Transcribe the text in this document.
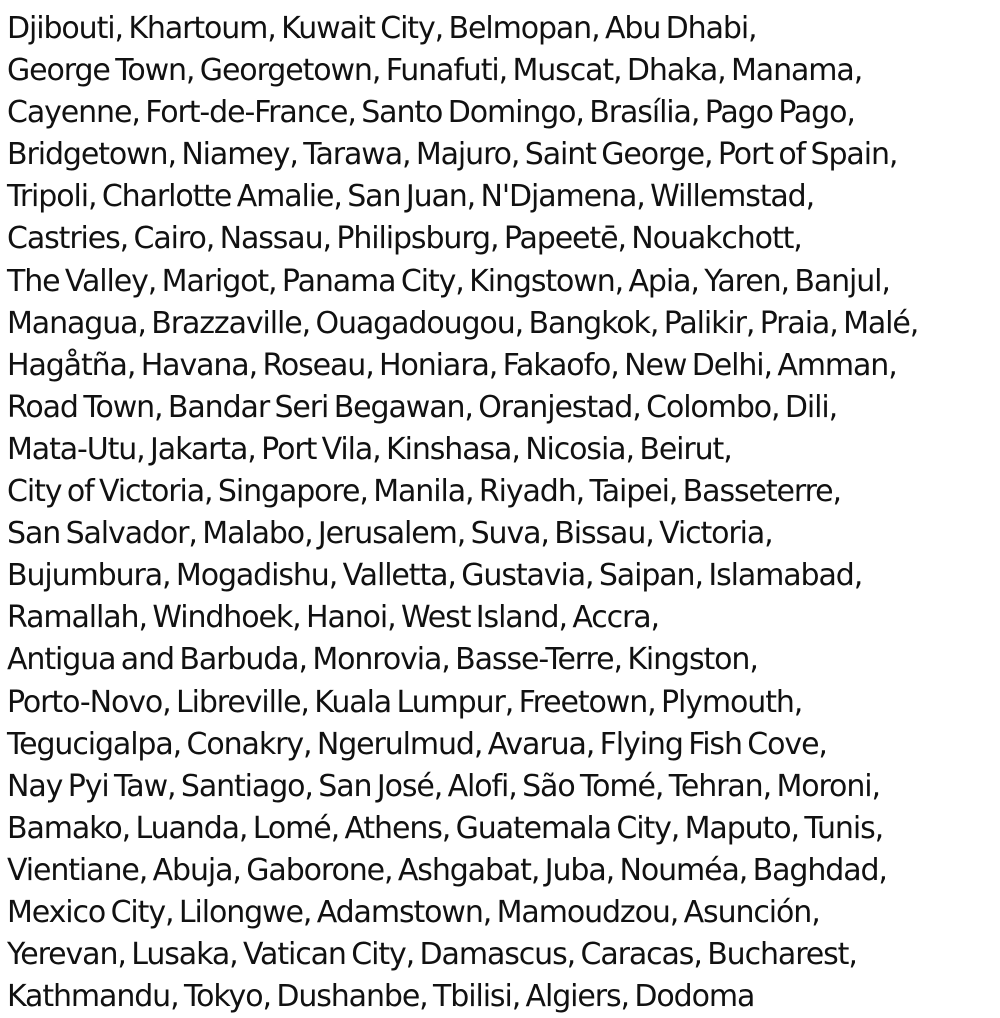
Djibouti, Khartoum, Kuwait City, Belmopan, Abu Dhabi,
George Town, Georgetown, Funafuti, Muscat, Dhaka, Manama,
Cayenne, Fort-de-France, Santo Domingo, Brasília, Pago Pago,
Bridgetown, Niamey, Tarawa, Majuro, Saint George, Port of Spain,
Tripoli, Charlotte Amalie, San Juan, N'Djamena, Willemstad,
Castries, Cairo, Nassau, Philipsburg, Papeetē, Nouakchott,
The Valley, Marigot, Panama City, Kingstown, Apia, Yaren, Banjul,
Managua, Brazzaville, Ouagadougou, Bangkok, Palikir, Praia, Malé,
Hagåtña, Havana, Roseau, Honiara, Fakaofo, New Delhi, Amman,
Road Town, Bandar Seri Begawan, Oranjestad, Colombo, Dili,
Mata-Utu, Jakarta, Port Vila, Kinshasa, Nicosia, Beirut,
City of Victoria, Singapore, Manila, Riyadh, Taipei, Basseterre,
San Salvador, Malabo, Jerusalem, Suva, Bissau, Victoria,
Bujumbura, Mogadishu, Valletta, Gustavia, Saipan, Islamabad,
Ramallah, Windhoek, Hanoi, West Island, Accra,
Antigua and Barbuda, Monrovia, Basse-Terre, Kingston,
Porto-Novo, Libreville, Kuala Lumpur, Freetown, Plymouth,
Tegucigalpa, Conakry, Ngerulmud, Avarua, Flying Fish Cove,
Nay Pyi Taw, Santiago, San José, Alofi, São Tomé, Tehran, Moroni,
Bamako, Luanda, Lomé, Athens, Guatemala City, Maputo, Tunis,
Vientiane, Abuja, Gaborone, Ashgabat, Juba, Nouméa, Baghdad,
Mexico City, Lilongwe, Adamstown, Mamoudzou, Asunción,
Yerevan, Lusaka, Vatican City, Damascus, Caracas, Bucharest,
Kathmandu, Tokyo, Dushanbe, Tbilisi, Algiers, Dodoma
